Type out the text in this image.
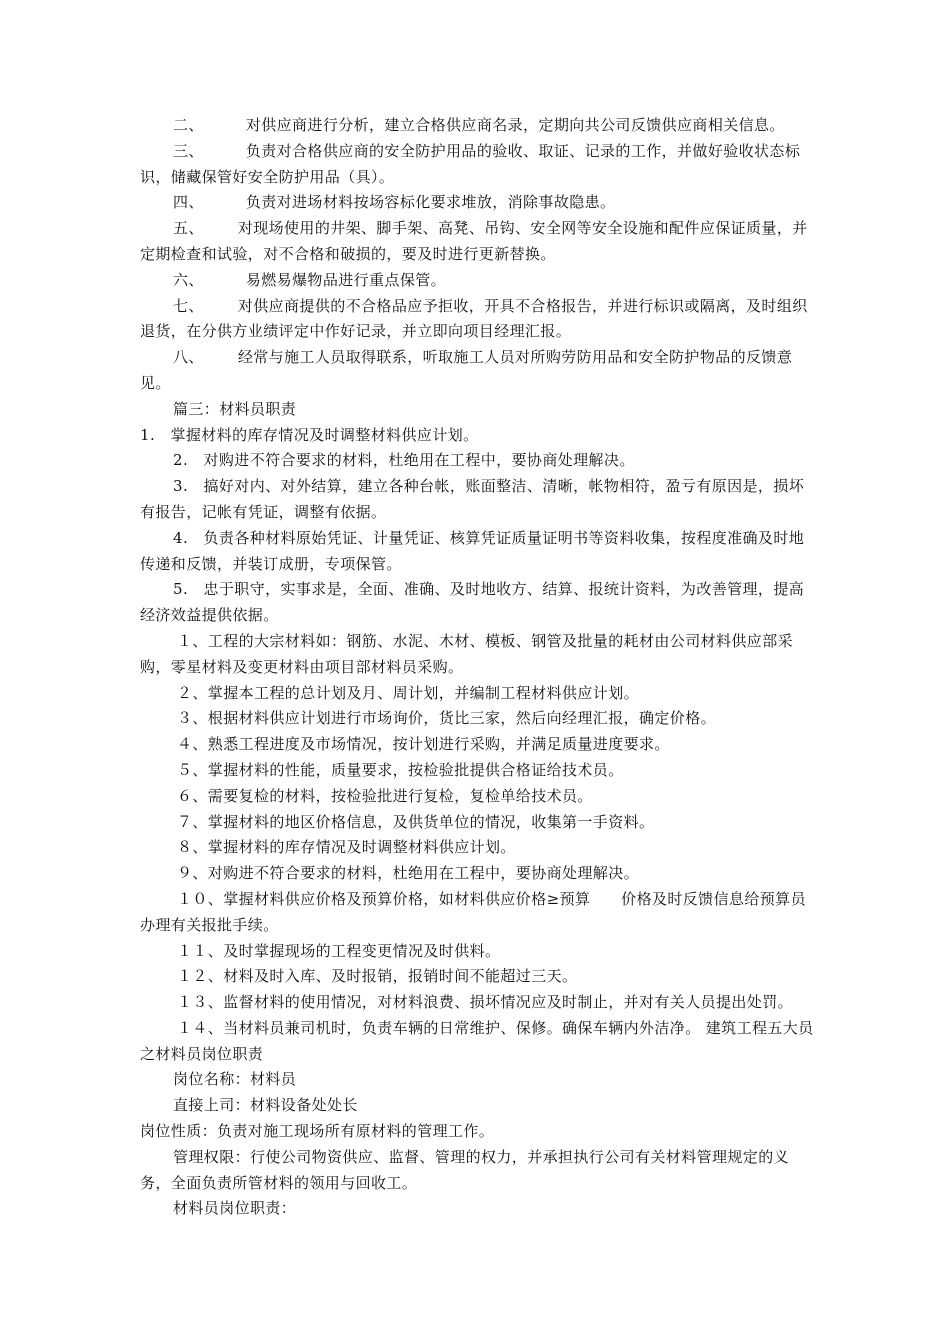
二、	对供应商进行分析，建立合格供应商名录，定期向共公司反馈供应商相关信息。

三、	负责对合格供应商的安全防护用品的验收、取证、记录的工作，并做好验收状态标识，储藏保管好安全防护用品（具）。

四、	负责对进场材料按场容标化要求堆放，消除事故隐患。

五、 对现场使用的井架、脚手架、高凳、吊钩、安全网等安全设施和配件应保证质量，并定期检查和试验，对不合格和破损的，要及时进行更新替换。

六、	易燃易爆物品进行重点保管。

七、 对供应商提供的不合格品应予拒收，开具不合格报告，并进行标识或隔离，及时组织退货，在分供方业绩评定中作好记录，并立即向项目经理汇报。

八、 经常与施工人员取得联系，听取施工人员对所购劳防用品和安全防护物品的反馈意见。

篇三：材料员职责

1.　掌握材料的库存情况及时调整材料供应计划。

2.　对购进不符合要求的材料，杜绝用在工程中，要协商处理解决。

3.　搞好对内、对外结算，建立各种台帐，账面整洁、清晰，帐物相符，盈亏有原因是，损坏有报告，记帐有凭证，调整有依据。

4.　负责各种材料原始凭证、计量凭证、核算凭证质量证明书等资料收集，按程度准确及时地传递和反馈，并装订成册，专项保管。

5.　忠于职守，实事求是，全面、准确、及时地收方、结算、报统计资料，为改善管理，提高经济效益提供依据。

１、工程的大宗材料如：钢筋、水泥、木材、模板、钢管及批量的耗材由公司材料供应部采购，零星材料及变更材料由项目部材料员采购。

２、掌握本工程的总计划及月、周计划，并编制工程材料供应计划。

３、根据材料供应计划进行市场询价，货比三家，然后向经理汇报，确定价格。

４、熟悉工程进度及市场情况，按计划进行采购，并满足质量进度要求。

５、掌握材料的性能，质量要求，按检验批提供合格证给技术员。

６、需要复检的材料，按检验批进行复检，复检单给技术员。

７、掌握材料的地区价格信息，及供货单位的情况，收集第一手资料。

８、掌握材料的库存情况及时调整材料供应计划。

９、对购进不符合要求的材料，杜绝用在工程中，要协商处理解决。

１０、掌握材料供应价格及预算价格，如材料供应价格≥预算　　价格及时反馈信息给预算员办理有关报批手续。

１１、及时掌握现场的工程变更情况及时供料。

１２、材料及时入库、及时报销，报销时间不能超过三天。

１３、监督材料的使用情况，对材料浪费、损坏情况应及时制止，并对有关人员提出处罚。

１４、当材料员兼司机时，负责车辆的日常维护、保修。确保车辆内外洁净。 建筑工程五大员之材料员岗位职责

岗位名称：材料员

直接上司：材料设备处处长

岗位性质：负责对施工现场所有原材料的管理工作。

管理权限：行使公司物资供应、监督、管理的权力，并承担执行公司有关材料管理规定的义务，全面负责所管材料的领用与回收工。

材料员岗位职责：
